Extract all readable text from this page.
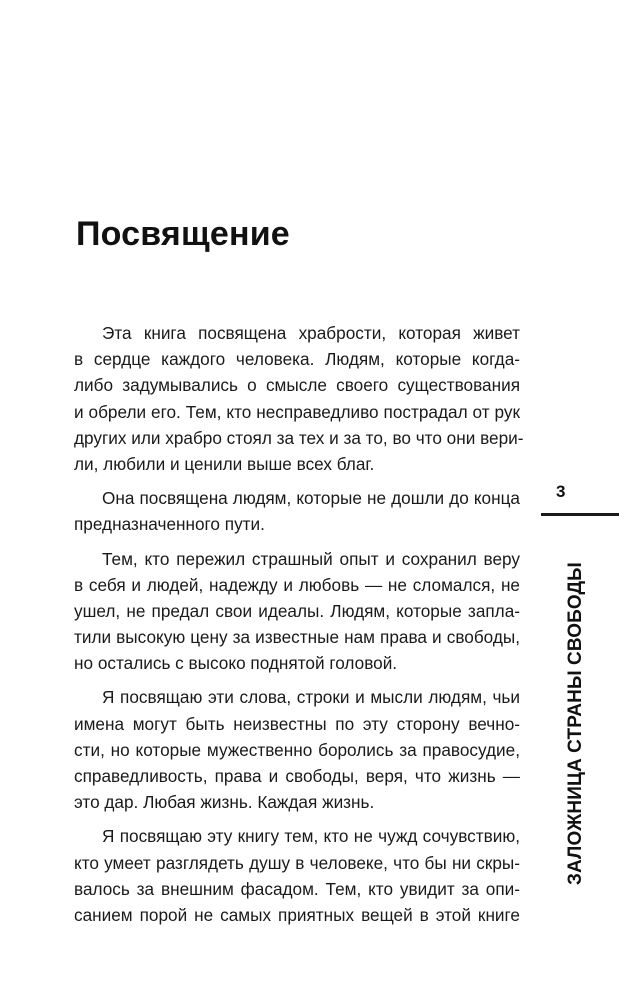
Посвящение

Эта книга посвящена храбрости, которая живет
в сердце каждого человека. Людям, которые когда-
либо задумывались о смысле своего существования
и обрели его. Тем, кто несправедливо пострадал от рук
других или храбро стоял за тех и за то, во что они вери-
ли, любили и ценили выше всех благ.

Она посвящена людям, которые не дошли до конца
предназначенного пути.

Тем, кто пережил страшный опыт и сохранил веру
в себя и людей, надежду и любовь — не сломался, не
ушел, не предал свои идеалы. Людям, которые запла-
тили высокую цену за известные нам права и свободы,
но остались с высоко поднятой головой.

Я посвящаю эти слова, строки и мысли людям, чьи
имена могут быть неизвестны по эту сторону вечно-
сти, но которые мужественно боролись за правосудие,
справедливость, права и свободы, веря, что жизнь —
это дар. Любая жизнь. Каждая жизнь.

Я посвящаю эту книгу тем, кто не чужд сочувствию,
кто умеет разглядеть душу в человеке, что бы ни скры-
валось за внешним фасадом. Тем, кто увидит за опи-
санием порой не самых приятных вещей в этой книге

3
ЗАЛОЖНИЦА СТРАНЫ СВОБОДЫ
